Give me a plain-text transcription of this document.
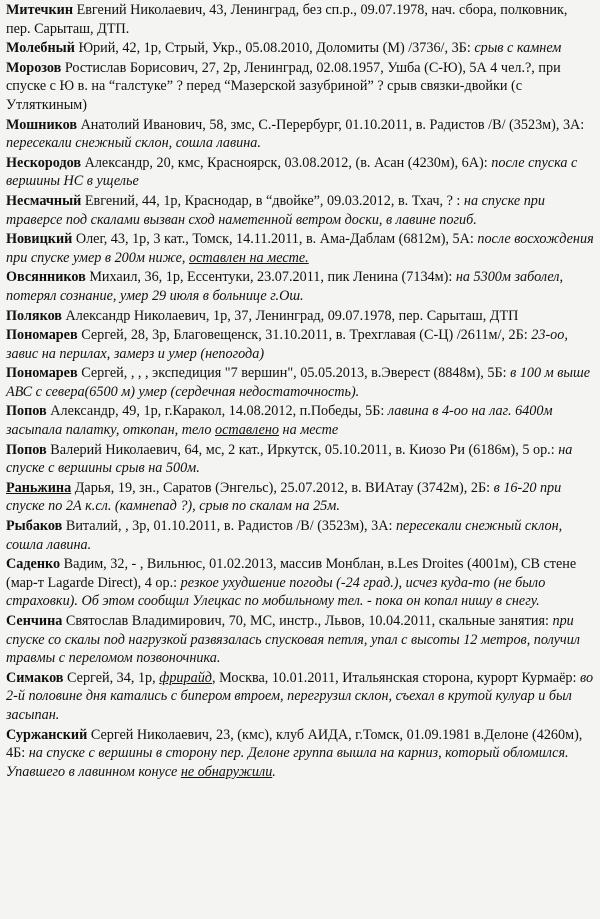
Митечкин Евгений Николаевич, 43, Ленинград, без сп.р., 09.07.1978, нач. сбора, полковник, пер. Сарыташ, ДТП.

Молебный Юрий, 42, 1р, Стрый, Укр., 05.08.2010, Доломиты (М) /3736/, 3Б: срыв с камнем

Морозов Ростислав Борисович, 27, 2р, Ленинград, 02.08.1957, Ушба (С-Ю), 5А 4 чел.?, при спуске с Ю в. на “галстуке” ? перед “Мазерской зазубриной” ? срыв связки-двойки (с Утляткиным)

Мошников Анатолий Иванович, 58, змс, С.-Перербург, 01.10.2011, в. Радистов /В/ (3523м), 3А: пересекали снежный склон, сошла лавина.

Нескородов Александр, 20, кмс, Красноярск, 03.08.2012, (в. Асан (4230м), 6А): после спуска с вершины НС в ущелье

Несмачный Евгений, 44, 1р, Краснодар, в “двойке”, 09.03.2012, в. Тхач, ? : на спуске при траверсе под скалами вызван сход наметенной ветром доски, в лавине погиб.

Новицкий Олег, 43, 1р, 3 кат., Томск, 14.11.2011, в. Ама-Даблам (6812м), 5А: после восхождения при спуске умер в 200м ниже, оставлен на месте.

Овсянников Михаил, 36, 1р, Ессентуки, 23.07.2011, пик Ленина (7134м): на 5300м заболел, потерял сознание, умер 29 июля в больнице г.Ош.

Поляков Александр Николаевич, 1р, 37, Ленинград, 09.07.1978, пер. Сарыташ, ДТП

Пономарев Сергей, 28, 3р, Благовещенск, 31.10.2011, в. Трехглавая (С-Ц) /2611м/, 2Б: 23-оо, завис на перилах, замерз и умер (непогода)

Пономарев Сергей, , , , экспедиция "7 вершин", 05.05.2013, в.Эверест (8848м), 5Б: в 100 м выше АВС с севера(6500 м) умер (сердечная недостаточность).

Попов Александр, 49, 1р, г.Каракол, 14.08.2012, п.Победы, 5Б: лавина в 4-оо на лаг. 6400м засыпала палатку, откопан, тело оставлено на месте

Попов Валерий Николаевич, 64, мс, 2 кат., Иркутск, 05.10.2011, в. Киозо Ри (6186м), 5 ор.: на спуске с вершины срыв на 500м.

Раньжина Дарья, 19, зн., Саратов (Энгельс), 25.07.2012, в. ВИАтау (3742м), 2Б: в 16-20 при спуске по 2А к.сл. (камнепад ?), срыв по скалам на 25м.

Рыбаков Виталий, , 3р, 01.10.2011, в. Радистов /В/ (3523м), 3А: пересекали снежный склон, сошла лавина.

Саденко Вадим, 32, - , Вильнюс, 01.02.2013, массив Монблан, в.Les Droites (4001м), СВ стене (мар-т Lagarde Direct), 4 ор.: резкое ухудшение погоды (-24 град.), исчез куда-то (не было страховки). Об этом сообщил Улецкас по мобильному тел. - пока он копал нишу в снегу.

Сенчина Святослав Владимирович, 70, МС, инстр., Львов, 10.04.2011, скальные занятия: при спуске со скалы под нагрузкой развязалась спусковая петля, упал с высоты 12 метров, получил травмы с переломом позвоночника.

Симаков Сергей, 34, 1р, фрирайд, Москва, 10.01.2011, Итальянская сторона, курорт Курмаёр: во 2-й половине дня катались с бипером втроем, перегрузил склон, съехал в крутой кулуар и был засыпан.

Суржанский Сергей Николаевич, 23, (кмс), клуб АИДА, г.Томск, 01.09.1981 в.Делоне (4260м), 4Б: на спуске с вершины в сторону пер. Делоне группа вышла на карниз, который обломился. Упавшего в лавинном конусе не обнаружили.
